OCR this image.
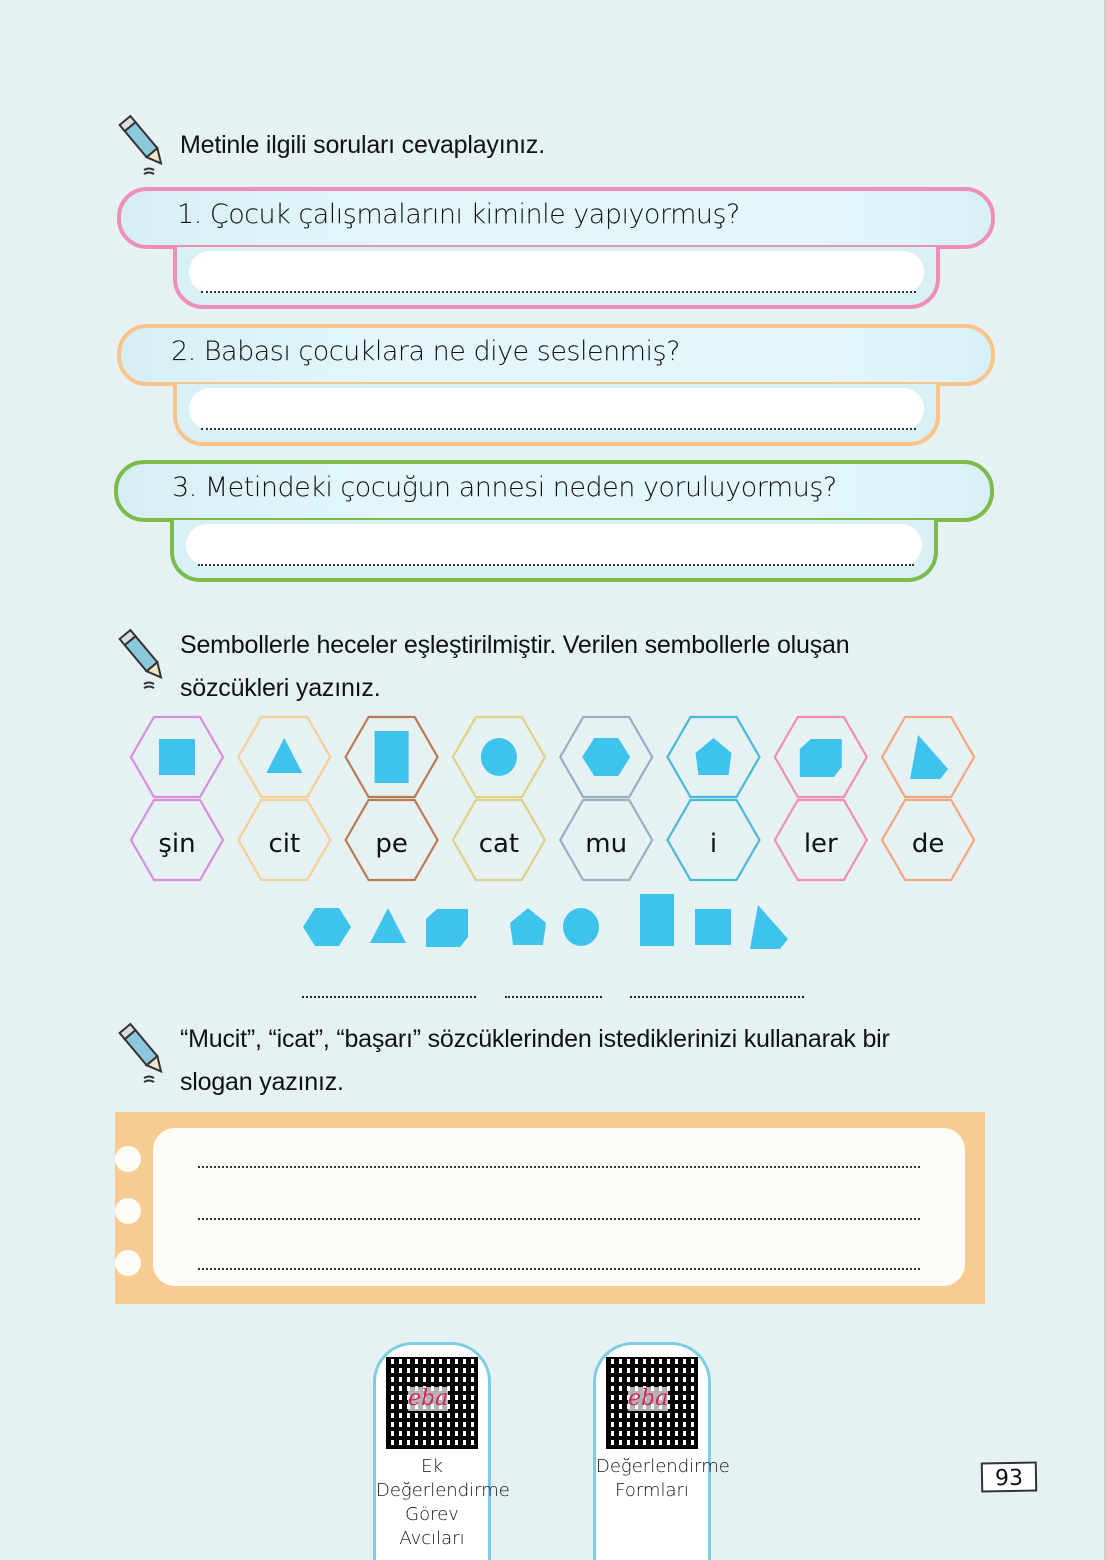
Metinle ilgili soruları cevaplayınız.
1. Çocuk çalışmalarını kiminle yapıyormuş?
2. Babası çocuklara ne diye seslenmiş?
3. Metindeki çocuğun annesi neden yoruluyormuş?
Sembollerle heceler eşleştirilmiştir. Verilen sembollerle oluşan
sözcükleri yazınız.
şin	cit	pe	cat	mu	i	ler	de
“Mucit”, “icat”, “başarı” sözcüklerinden istediklerinizi kullanarak bir
slogan yazınız.
eba
Ek Değerlendirme Görev Avcıları
eba
Değerlendirme Formları	93
